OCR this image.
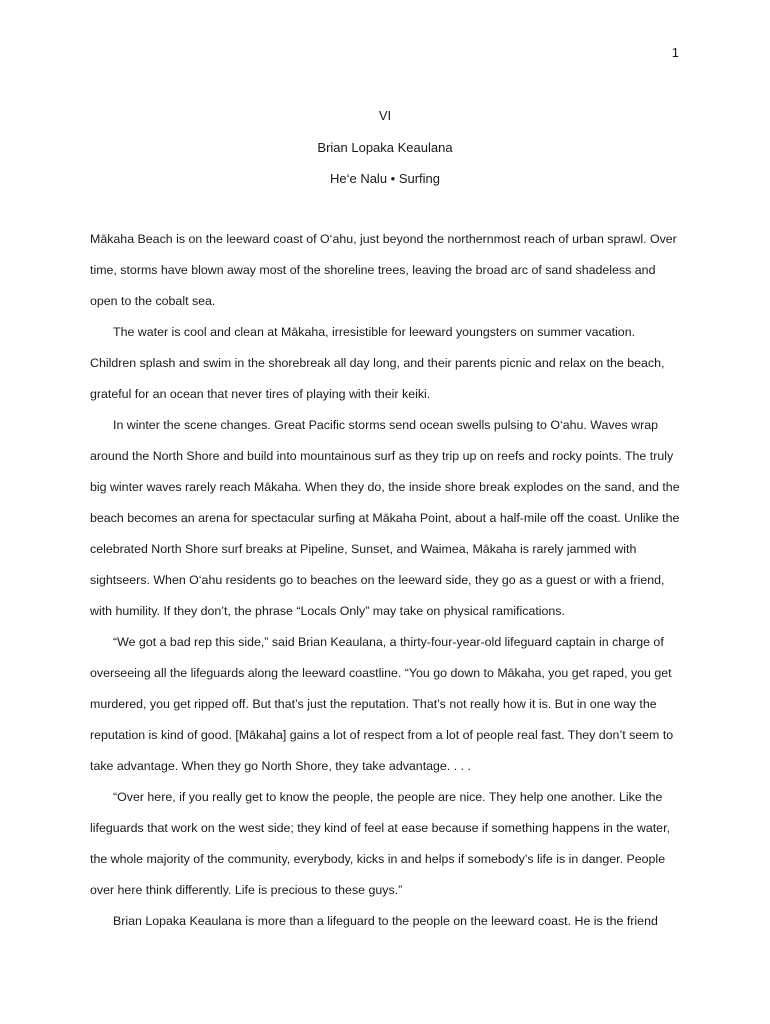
1
VI
Brian Lopaka Keaulana
He‘e Nalu • Surfing

Mākaha Beach is on the leeward coast of O‘ahu, just beyond the northernmost reach of urban sprawl. Over time, storms have blown away most of the shoreline trees, leaving the broad arc of sand shadeless and open to the cobalt sea.

The water is cool and clean at Mākaha, irresistible for leeward youngsters on summer vacation. Children splash and swim in the shorebreak all day long, and their parents picnic and relax on the beach, grateful for an ocean that never tires of playing with their keiki.

In winter the scene changes. Great Pacific storms send ocean swells pulsing to O‘ahu. Waves wrap around the North Shore and build into mountainous surf as they trip up on reefs and rocky points. The truly big winter waves rarely reach Mākaha. When they do, the inside shore break explodes on the sand, and the beach becomes an arena for spectacular surfing at Mākaha Point, about a half-mile off the coast. Unlike the celebrated North Shore surf breaks at Pipeline, Sunset, and Waimea, Mākaha is rarely jammed with sightseers. When O‘ahu residents go to beaches on the leeward side, they go as a guest or with a friend, with humility. If they don’t, the phrase “Locals Only” may take on physical ramifications.

“We got a bad rep this side,” said Brian Keaulana, a thirty-four-year-old lifeguard captain in charge of overseeing all the lifeguards along the leeward coastline. “You go down to Mākaha, you get raped, you get murdered, you get ripped off. But that’s just the reputation. That’s not really how it is. But in one way the reputation is kind of good. [Mākaha] gains a lot of respect from a lot of people real fast. They don’t seem to take advantage. When they go North Shore, they take advantage. . . .

“Over here, if you really get to know the people, the people are nice. They help one another. Like the lifeguards that work on the west side; they kind of feel at ease because if something happens in the water, the whole majority of the community, everybody, kicks in and helps if somebody’s life is in danger. People over here think differently. Life is precious to these guys.”

Brian Lopaka Keaulana is more than a lifeguard to the people on the leeward coast. He is the friend
